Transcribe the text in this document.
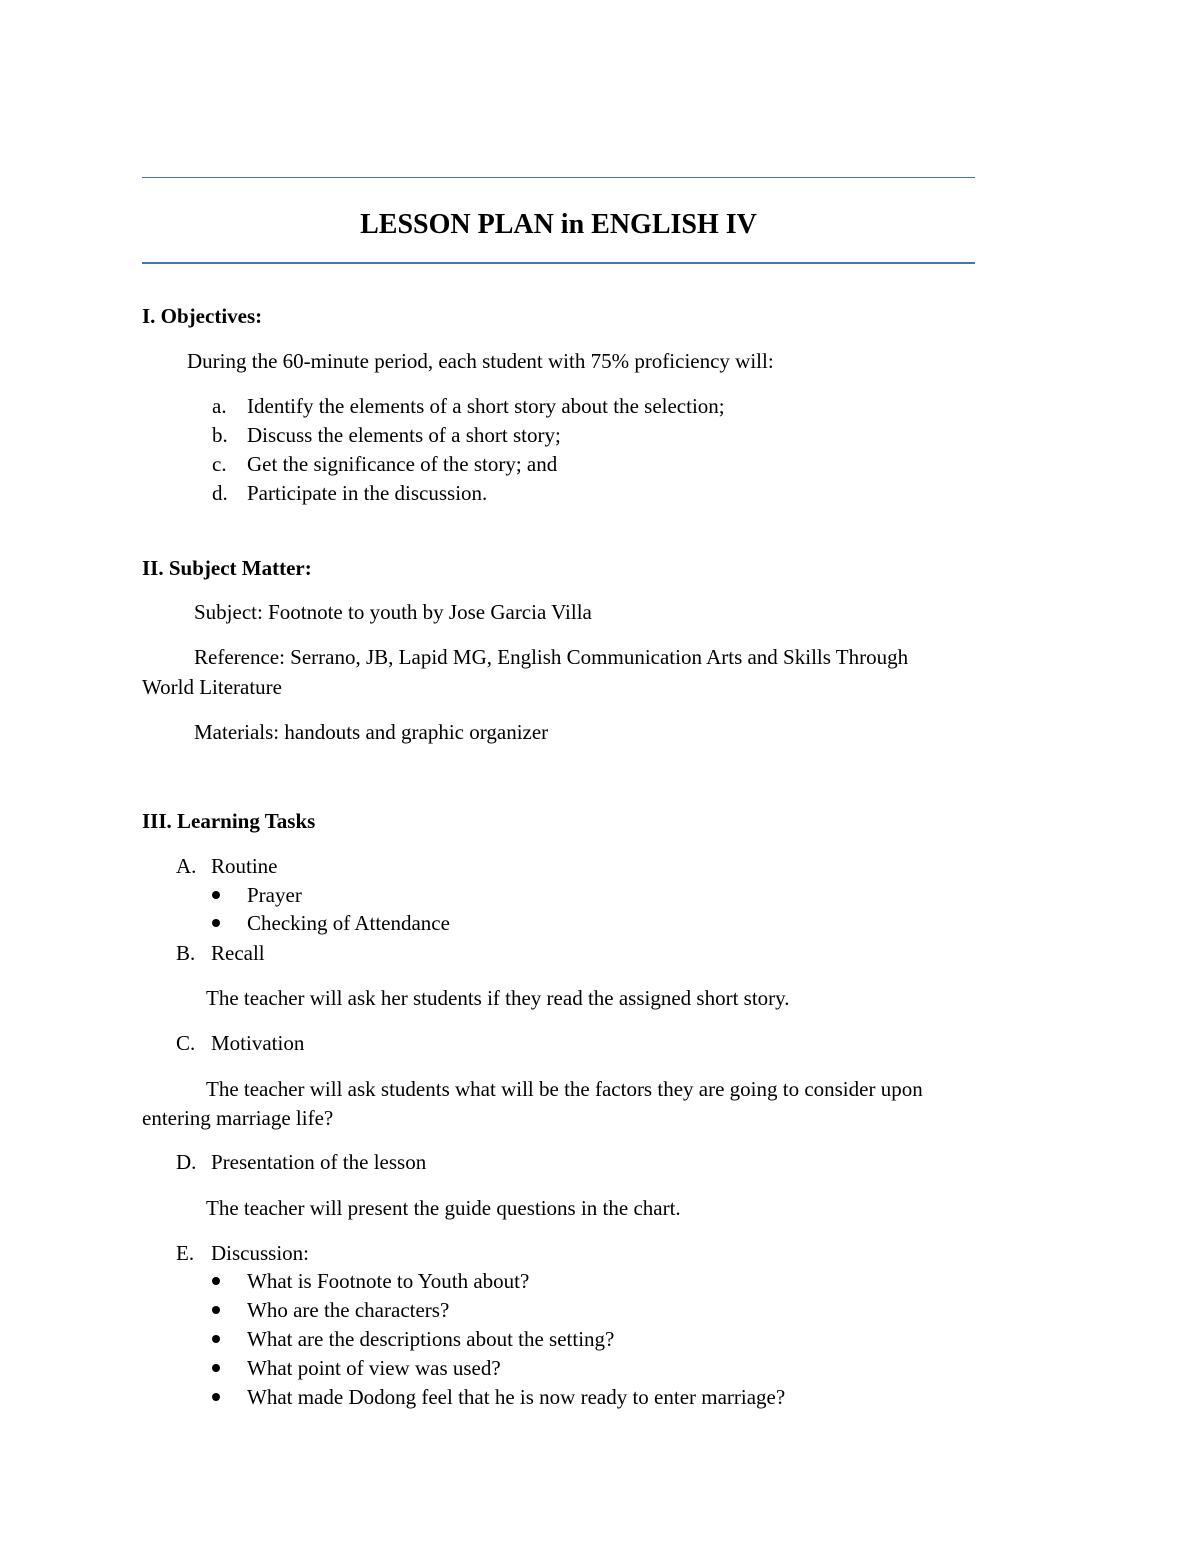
LESSON PLAN in ENGLISH IV
I. Objectives:
During the 60-minute period, each student with 75% proficiency will:
a. Identify the elements of a short story about the selection;
b. Discuss the elements of a short story;
c. Get the significance of the story; and
d. Participate in the discussion.
II. Subject Matter:
Subject: Footnote to youth by Jose Garcia Villa
Reference: Serrano, JB, Lapid MG, English Communication Arts and Skills Through
World Literature
Materials: handouts and graphic organizer
III. Learning Tasks
A. Routine
Prayer
Checking of Attendance
B. Recall
The teacher will ask her students if they read the assigned short story.
C. Motivation
The teacher will ask students what will be the factors they are going to consider upon
entering marriage life?
D. Presentation of the lesson
The teacher will present the guide questions in the chart.
E. Discussion:
What is Footnote to Youth about?
Who are the characters?
What are the descriptions about the setting?
What point of view was used?
What made Dodong feel that he is now ready to enter marriage?
